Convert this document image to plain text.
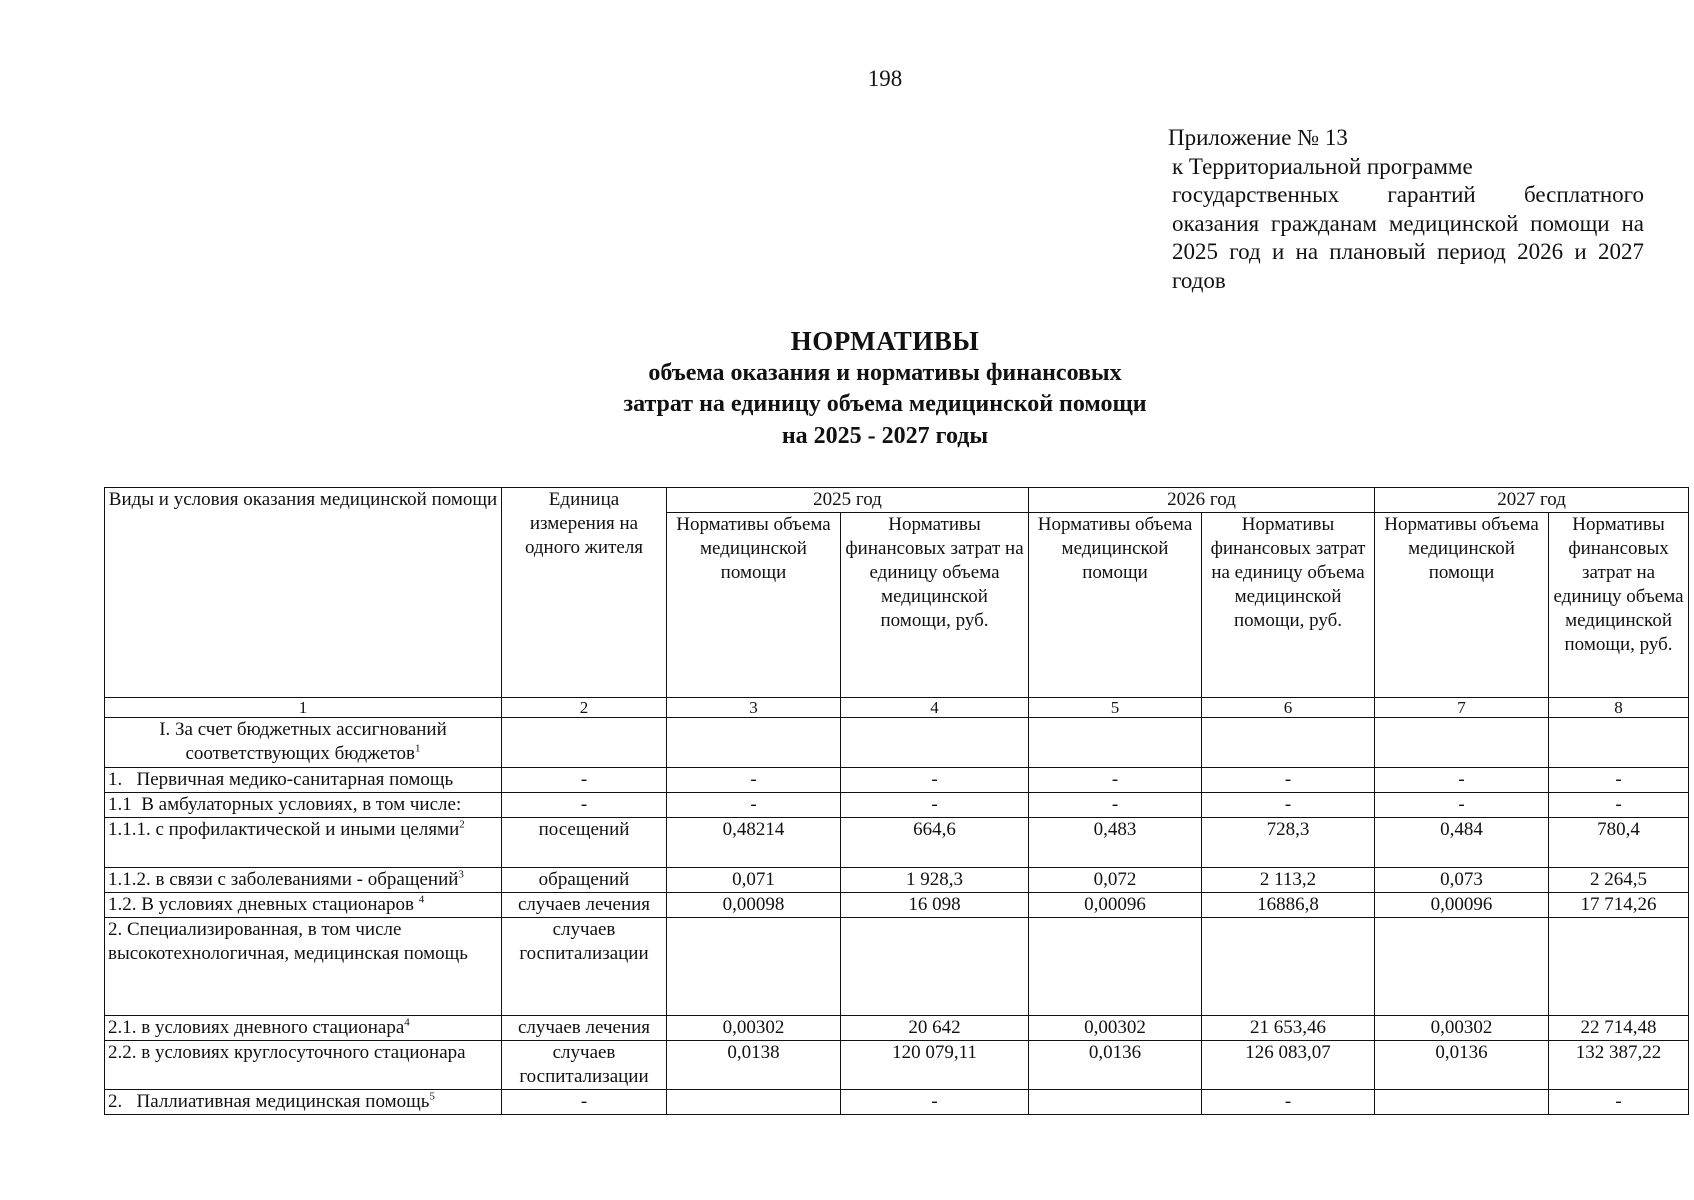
198
Приложение № 13
к Территориальной программе
государственных гарантий бесплатного
оказания гражданам медицинской помощи на
2025 год и на плановый период 2026 и 2027
годов
НОРМАТИВЫ
объема оказания и нормативы финансовых
затрат на единицу объема медицинской помощи
на 2025 - 2027 годы
Виды и условия оказания медицинской помощи	Единица измерения на одного жителя	2025 год		2026 год		2027 год	
		Нормативы объема медицинской помощи	Нормативы финансовых затрат на единицу объема медицинской помощи, руб.	Нормативы объема медицинской помощи	Нормативы финансовых затрат на единицу объема медицинской помощи, руб.	Нормативы объема медицинской помощи	Нормативы финансовых затрат на единицу объема медицинской помощи, руб.
1	2	3	4	5	6	7	8
I. За счет бюджетных ассигнований соответствующих бюджетов$^1$							
1.   Первичная медико-санитарная помощь	-	-	-	-	-	-	-
1.1  В амбулаторных условиях, в том числе:	-	-	-	-	-	-	-
1.1.1. с профилактической и иными целями$^2$	посещений	0,48214	664,6	0,483	728,3	0,484	780,4
1.1.2. в связи с заболеваниями - обращений$^3$	обращений	0,071	1 928,3	0,072	2 113,2	0,073	2 264,5
1.2. В условиях дневных стационаров $^4$	случаев лечения	0,00098	16 098	0,00096	16886,8	0,00096	17 714,26
2. Специализированная, в том числе высокотехнологичная, медицинская помощь	случаев госпитализации						
2.1. в условиях дневного стационара$^4$	случаев лечения	0,00302	20 642	0,00302	21 653,46	0,00302	22 714,48
2.2. в условиях круглосуточного стационара	случаев госпитализации	0,0138	120 079,11	0,0136	126 083,07	0,0136	132 387,22
2.   Паллиативная медицинская помощь$^5$	-		-		-		-
